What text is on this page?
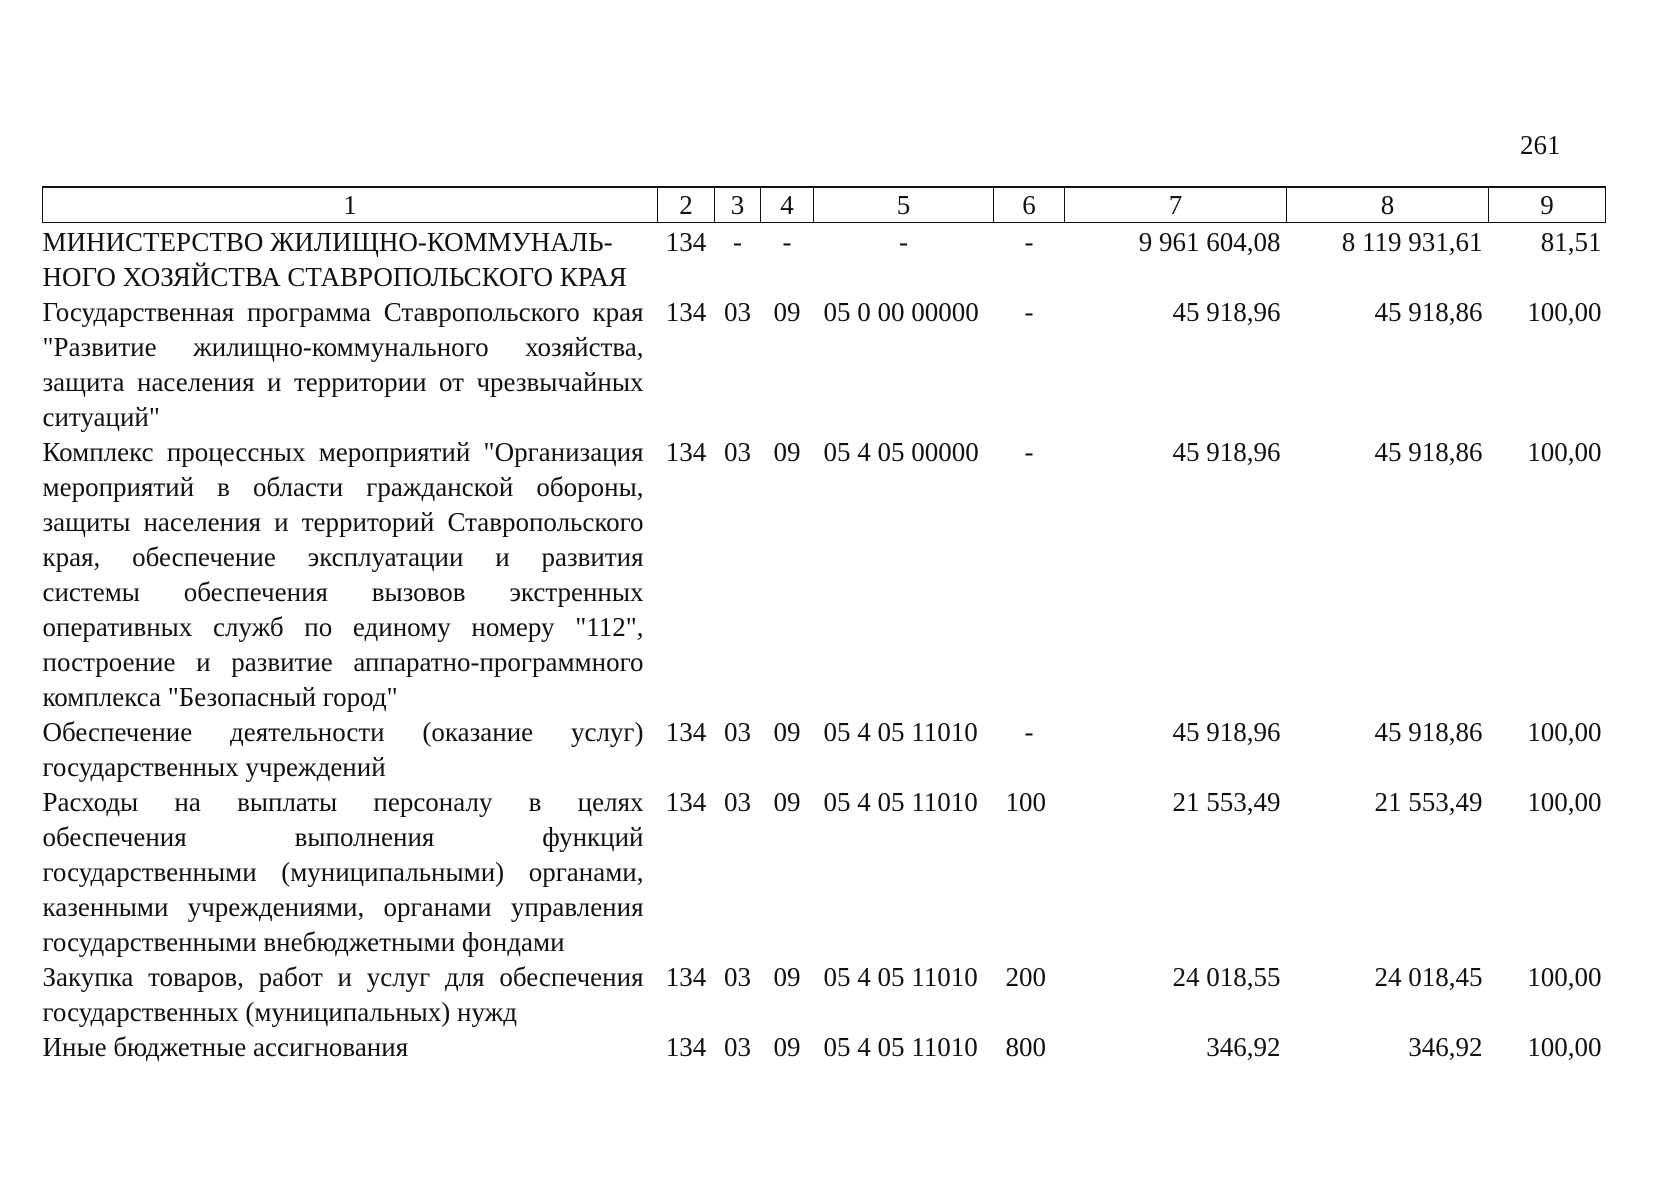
261
1	2	3	4	5	6	7	8	9
МИНИСТЕРСТВО ЖИЛИЩНО-КОММУНАЛЬ-НОГО ХОЗЯЙСТВА СТАВРОПОЛЬСКОГО КРАЯ	134	-	-	-	-	9 961 604,08	8 119 931,61	81,51
Государственная программа Ставропольского края "Развитие жилищно-коммунального хозяйства, защита населения и территории от чрезвычайных ситуаций"	134	03	09	05 0 00 00000	-	45 918,96	45 918,86	100,00
Комплекс процессных мероприятий "Организация мероприятий в области гражданской обороны, защиты населения и территорий Ставропольского края, обеспечение эксплуатации и развития системы обеспечения вызовов экстренных оперативных служб по единому номеру "112", построение и развитие аппаратно-программного комплекса "Безопасный город"	134	03	09	05 4 05 00000	-	45 918,96	45 918,86	100,00
Обеспечение деятельности (оказание услуг) государственных учреждений	134	03	09	05 4 05 11010	-	45 918,96	45 918,86	100,00
Расходы на выплаты персоналу в целях обеспечения выполнения функций государственными (муниципальными) органами, казенными учреждениями, органами управления государственными внебюджетными фондами	134	03	09	05 4 05 11010	100	21 553,49	21 553,49	100,00
Закупка товаров, работ и услуг для обеспечения государственных (муниципальных) нужд	134	03	09	05 4 05 11010	200	24 018,55	24 018,45	100,00
Иные бюджетные ассигнования	134	03	09	05 4 05 11010	800	346,92	346,92	100,00
